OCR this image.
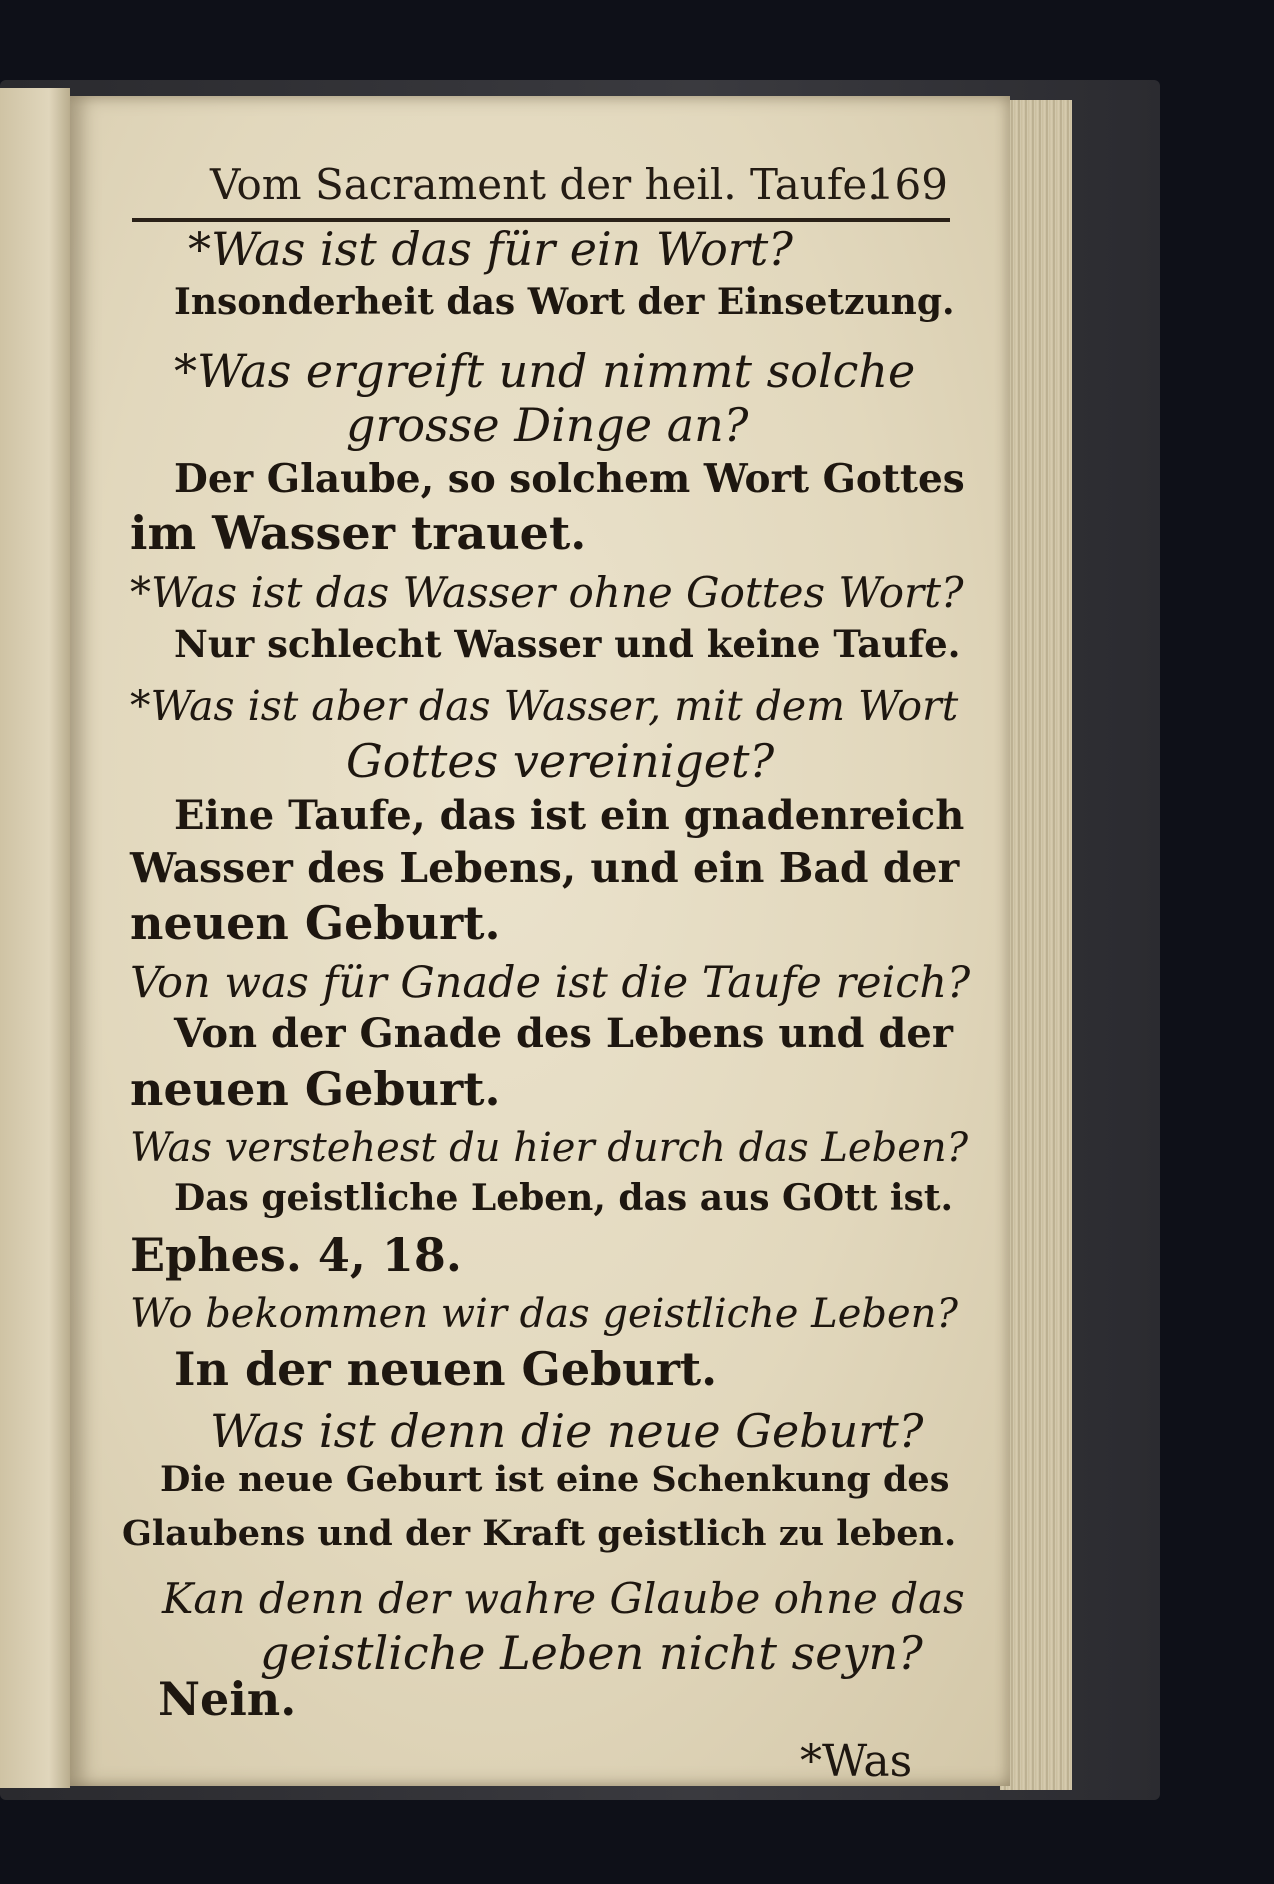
Vom Sacrament der heil. Taufe.
169
*Was ist das für ein Wort?
Insonderheit das Wort der Einsetzung.
*Was ergreift und nimmt solche
grosse Dinge an?
Der Glaube, so solchem Wort Gottes
im Wasser trauet.
*Was ist das Wasser ohne Gottes Wort?
Nur schlecht Wasser und keine Taufe.
*Was ist aber das Wasser, mit dem Wort
Gottes vereiniget?
Eine Taufe, das ist ein gnadenreich
Wasser des Lebens, und ein Bad der
neuen Geburt.
Von was für Gnade ist die Taufe reich?
Von der Gnade des Lebens und der
neuen Geburt.
Was verstehest du hier durch das Leben?
Das geistliche Leben, das aus GOtt ist.
Ephes. 4, 18.
Wo bekommen wir das geistliche Leben?
In der neuen Geburt.
Was ist denn die neue Geburt?
Die neue Geburt ist eine Schenkung des
Glaubens und der Kraft geistlich zu leben.
Kan denn der wahre Glaube ohne das
geistliche Leben nicht seyn?
Nein.
*Was
